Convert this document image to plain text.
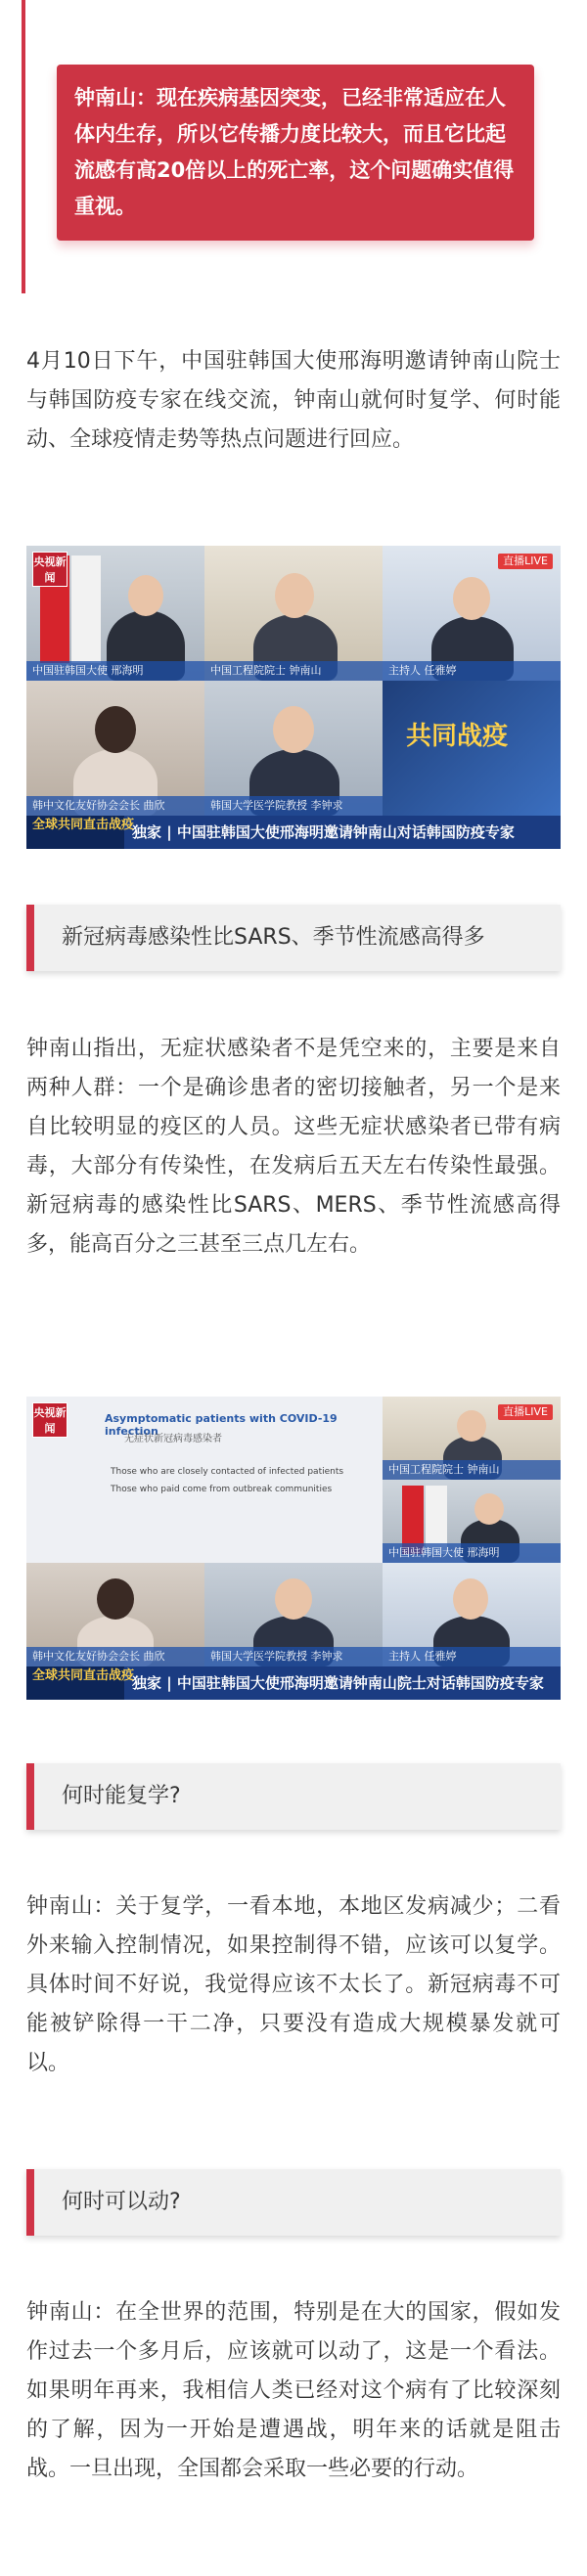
钟南山：现在疾病基因突变，已经非常适应在人体内生存，所以它传播力度比较大，而且它比起流感有高20倍以上的死亡率，这个问题确实值得重视。

4月10日下午，中国驻韩国大使邢海明邀请钟南山院士与韩国防疫专家在线交流，钟南山就何时复学、何时能动、全球疫情走势等热点问题进行回应。

中国驻韩国大使 邢海明	中国工程院院士 钟南山
直播LIVE
主持人 任雅婷
韩中文化友好协会会长 曲欣	韩国大学医学院教授 李钟求
共同战疫
央视新闻
全球共同直击战疫
独家 | 中国驻韩国大使邢海明邀请钟南山对话韩国防疫专家
新冠病毒感染性比SARS、季节性流感高得多

钟南山指出，无症状感染者不是凭空来的，主要是来自两种人群：一个是确诊患者的密切接触者，另一个是来自比较明显的疫区的人员。这些无症状感染者已带有病毒，大部分有传染性，在发病后五天左右传染性最强。新冠病毒的感染性比SARS、MERS、季节性流感高得多，能高百分之三甚至三点几左右。

Asymptomatic patients with COVID-19 infection
无症状新冠病毒感染者
Those who are closely contacted of infected patients
Those who paid come from outbreak communities
直播LIVE
中国工程院院士 钟南山
中国驻韩国大使 邢海明
韩中文化友好协会会长 曲欣	韩国大学医学院教授 李钟求	主持人 任雅婷
央视新闻
全球共同直击战疫
独家 | 中国驻韩国大使邢海明邀请钟南山院士对话韩国防疫专家
何时能复学?

钟南山：关于复学，一看本地，本地区发病减少；二看外来输入控制情况，如果控制得不错，应该可以复学。具体时间不好说，我觉得应该不太长了。新冠病毒不可能被铲除得一干二净，只要没有造成大规模暴发就可以。

何时可以动?

钟南山：在全世界的范围，特别是在大的国家，假如发作过去一个多月后，应该就可以动了，这是一个看法。如果明年再来，我相信人类已经对这个病有了比较深刻的了解，因为一开始是遭遇战，明年来的话就是阻击战。一旦出现，全国都会采取一些必要的行动。
